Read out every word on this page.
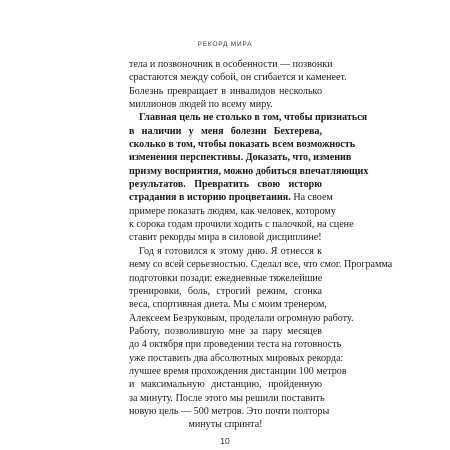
РЕКОРД МИРА
тела и позвоночник в особенности — позвонки
срастаются между собой, он сгибается и каменеет.
Болезнь превращает в инвалидов несколько
миллионов людей по всему миру.
Главная цель не столько в том, чтобы признаться
в наличии у меня болезни Бехтерева,
сколько в том, чтобы показать всем возможность
изменения перспективы. Доказать, что, изменив
призму восприятия, можно добиться впечатляющих
результатов. Превратить свою исторю
страдания в историю процветания. На своем
примере показать людям, как человек, которому
к сорока годам прочили ходить с палочкой, на сцене
ставит рекорды мира в силовой дисциплине!
Год я готовился к этому дню. Я отнесся к
нему со всей серьезностью. Сделал все, что смог. Программа
подготовки позади: ежедневные тяжелейшие
тренировки, боль, строгий режим, сгонка
веса, спортивная диета. Мы с моим тренером,
Алексеем Безруковым, проделали огромную работу.
Работу, позволившую мне за пару месяцев
до 4 октября при проведении теста на готовность
уже поставить два абсолютных мировых рекорда:
лучшее время прохождения дистанции 100 метров
и максимальную дистанцию, пройденную
за минуту. После этого мы решили поставить
новую цель — 500 метров. Это почти полторы
минуты спринта!
10
